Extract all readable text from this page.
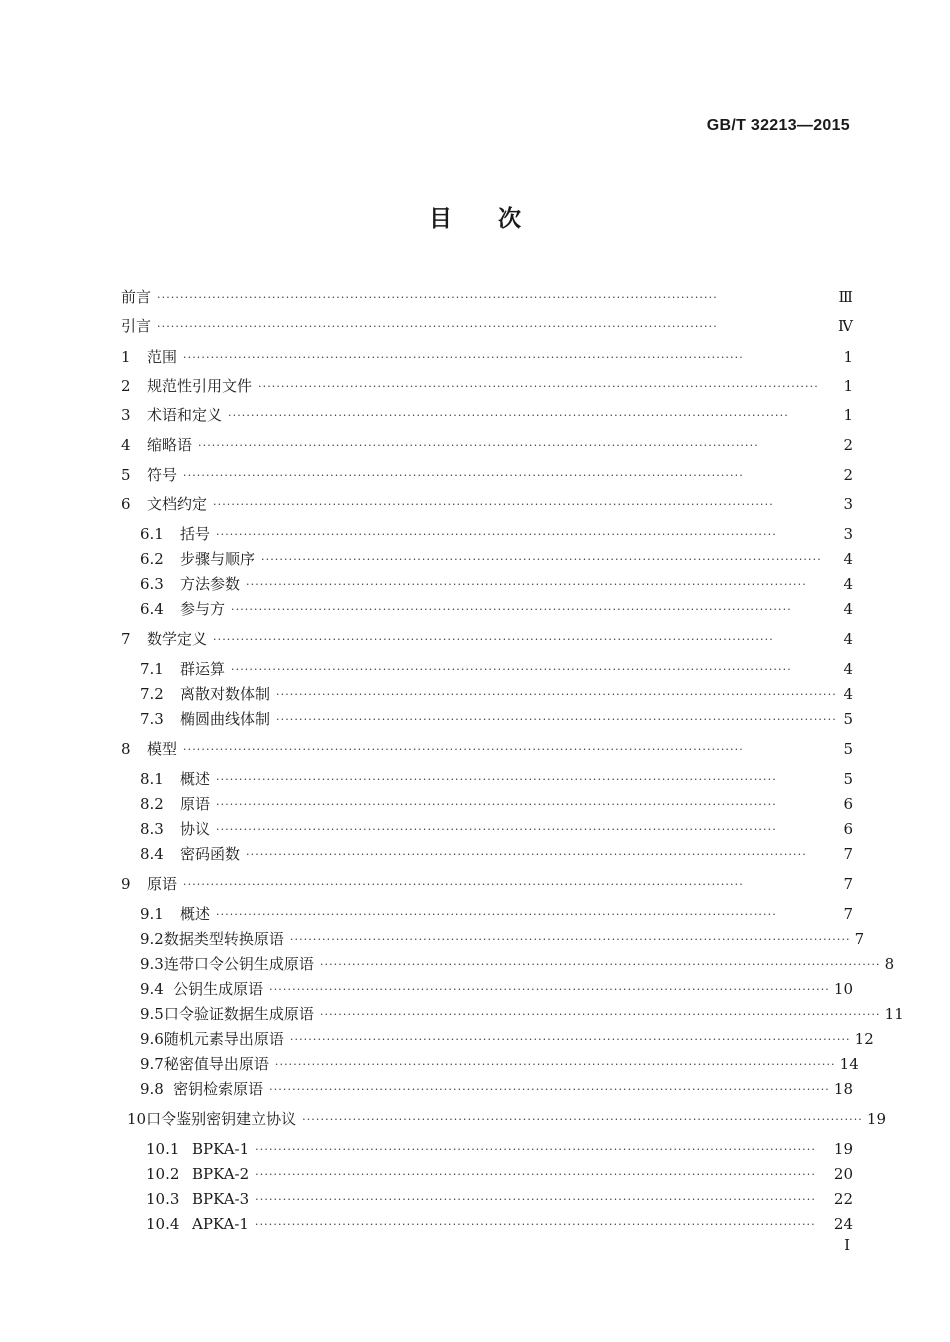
GB/T 32213—2015
目 次
前言 ··························································································································	Ⅲ
引言 ··························································································································	Ⅳ
1	范围 ··························································································································	1
2	规范性引用文件 ··························································································································	1
3	术语和定义 ··························································································································	1
4	缩略语 ··························································································································	2
5	符号 ··························································································································	2
6	文档约定 ··························································································································	3
6.1	括号 ··························································································································	3
6.2	步骤与顺序 ··························································································································	4
6.3	方法参数 ··························································································································	4
6.4	参与方 ··························································································································	4
7	数学定义 ··························································································································	4
7.1	群运算 ··························································································································	4
7.2	离散对数体制 ·························································································································· 4
7.3	椭圆曲线体制 ·························································································································· 5
8	模型 ··························································································································	5
8.1	概述 ··························································································································	5
8.2	原语 ··························································································································	6
8.3	协议 ··························································································································	6
8.4	密码函数 ··························································································································	7
9	原语 ··························································································································	7
9.1	概述 ··························································································································	7
9.2 数据类型转换原语 ·························································································································· 7
9.3 连带口令公钥生成原语 ·························································································································· 8
9.4 公钥生成原语 ·························································································································· 10
9.5 口令验证数据生成原语 ·························································································································· 11
9.6 随机元素导出原语 ·························································································································· 12
9.7 秘密值导出原语 ·························································································································· 14
9.8 密钥检索原语 ·························································································································· 18
10 口令鉴别密钥建立协议 ·························································································································· 19
10.1 BPKA-1 ··························································································································	19
10.2 BPKA-2 ··························································································································	20
10.3 BPKA-3 ··························································································································	22
10.4 APKA-1 ··························································································································	24
I
